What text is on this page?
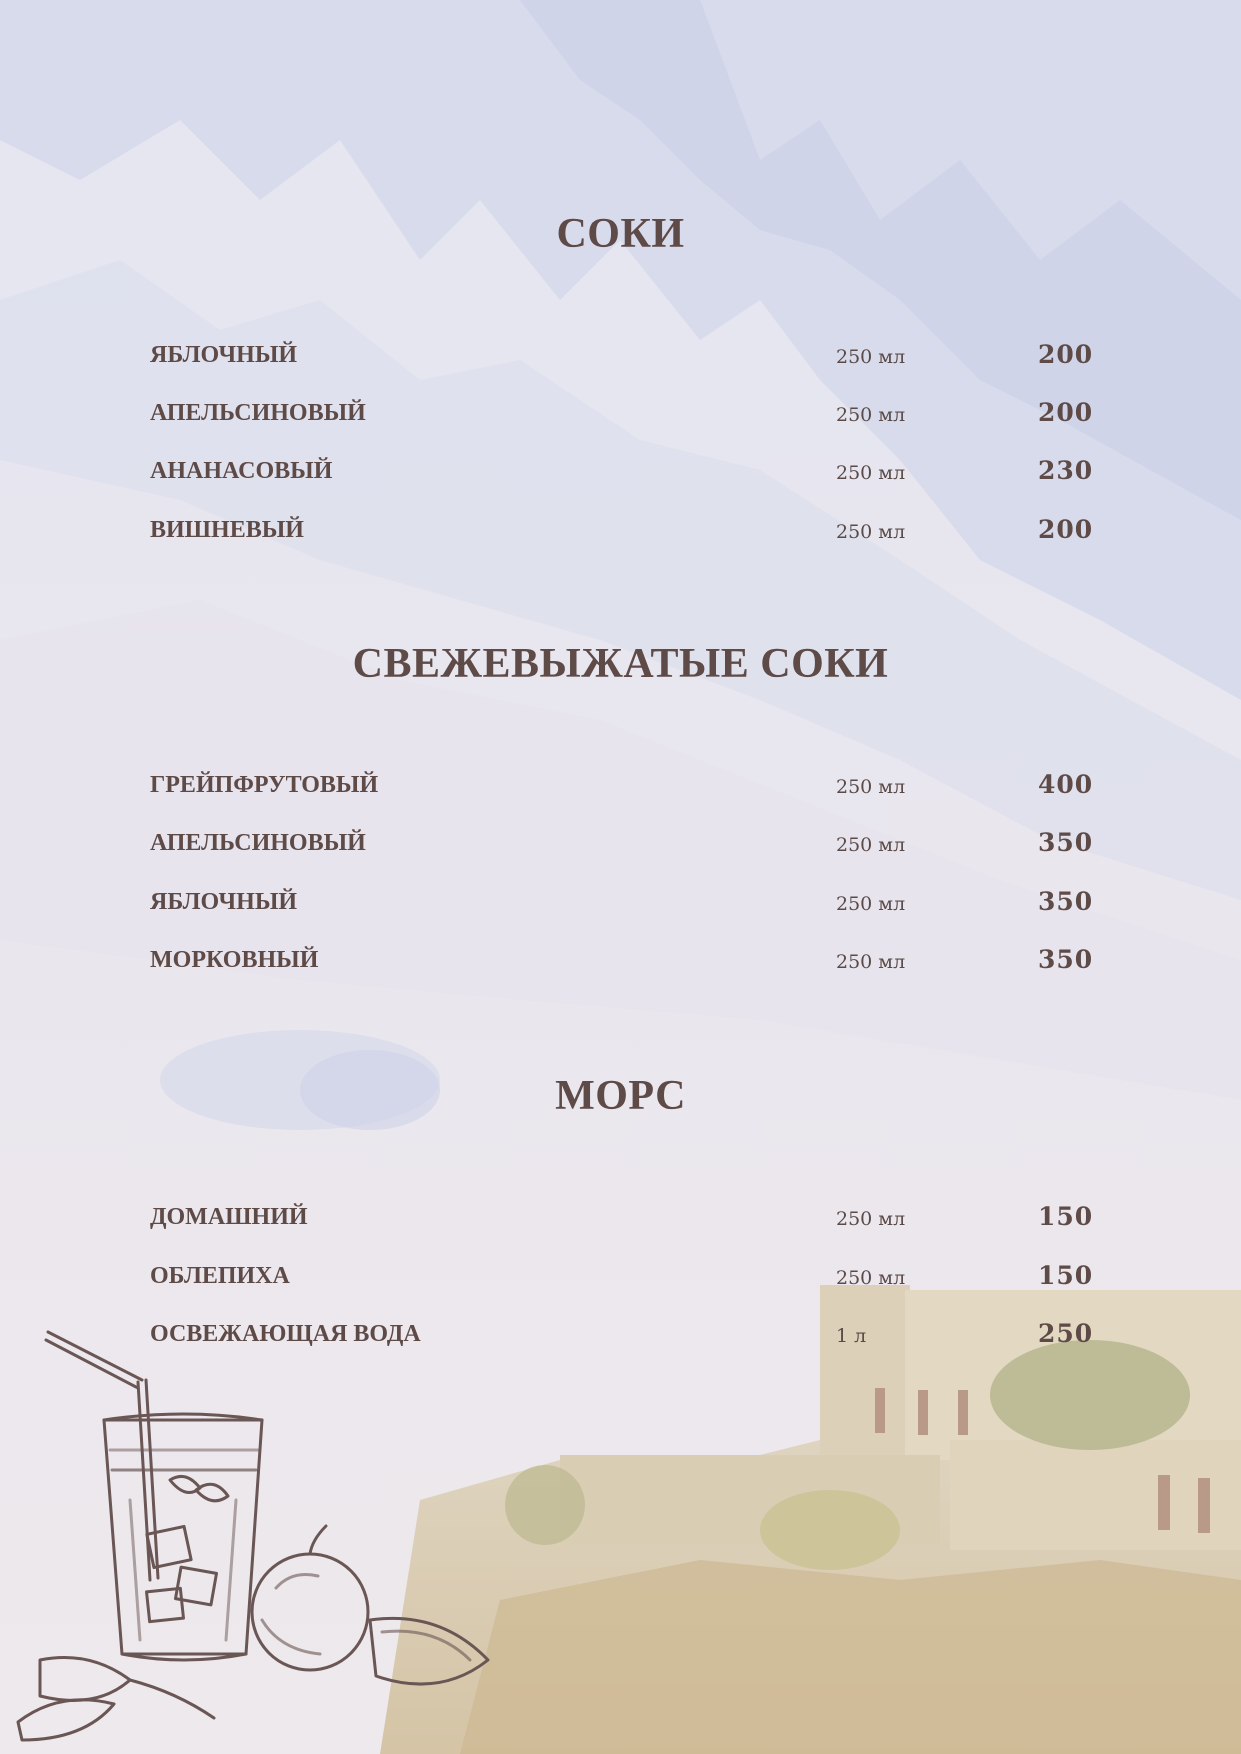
СОКИ
ЯБЛОЧНЫЙ	250 мл	200
АПЕЛЬСИНОВЫЙ	250 мл	200
АНАНАСОВЫЙ	250 мл	230
ВИШНЕВЫЙ	250 мл	200
СВЕЖЕВЫЖАТЫЕ СОКИ
ГРЕЙПФРУТОВЫЙ	250 мл	400
АПЕЛЬСИНОВЫЙ	250 мл	350
ЯБЛОЧНЫЙ	250 мл	350
МОРКОВНЫЙ	250 мл	350
МОРС
ДОМАШНИЙ	250 мл	150
ОБЛЕПИХА	250 мл	150
ОСВЕЖАЮЩАЯ ВОДА	1 л	250
